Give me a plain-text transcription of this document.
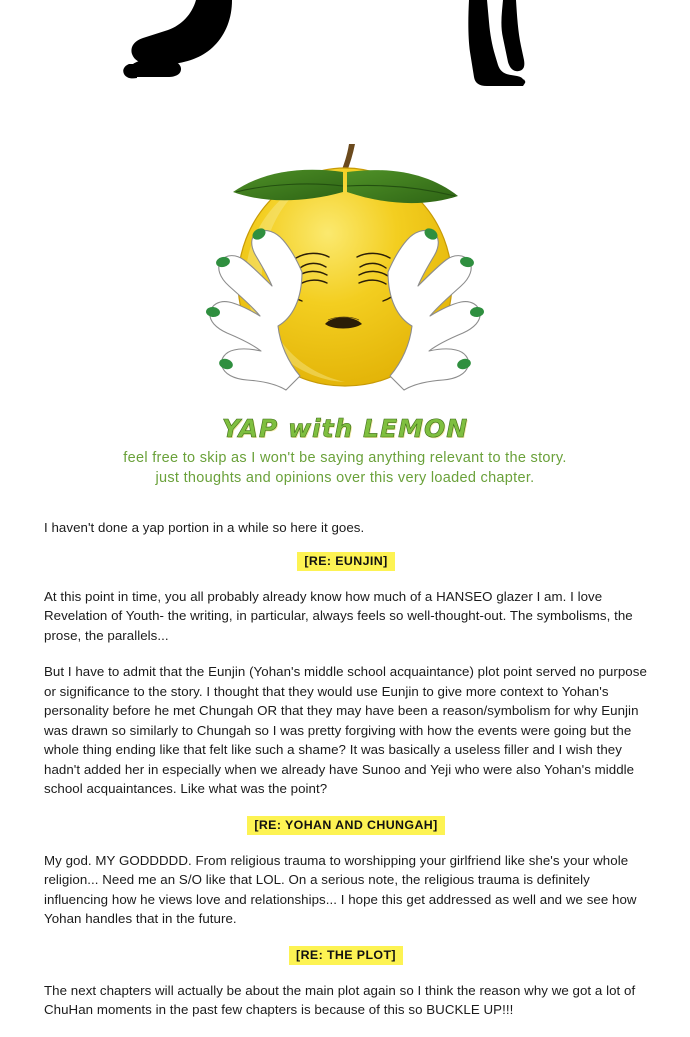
YAP with LEMON
feel free to skip as I won't be saying anything relevant to the story.
just thoughts and opinions over this very loaded chapter.

I haven't done a yap portion in a while so here it goes.

[RE: EUNJIN]

At this point in time, you all probably already know how much of a HANSEO glazer I am. I love Revelation of Youth- the writing, in particular, always feels so well-thought-out. The symbolisms, the prose, the parallels...

But I have to admit that the Eunjin (Yohan's middle school acquaintance) plot point served no purpose or significance to the story. I thought that they would use Eunjin to give more context to Yohan's personality before he met Chungah OR that they may have been a reason/symbolism for why Eunjin was drawn so similarly to Chungah so I was pretty forgiving with how the events were going but the whole thing ending like that felt like such a shame? It was basically a useless filler and I wish they hadn't added her in especially when we already have Sunoo and Yeji who were also Yohan's middle school acquaintances. Like what was the point?

[RE: YOHAN AND CHUNGAH]

My god. MY GODDDDD. From religious trauma to worshipping your girlfriend like she's your whole religion... Need me an S/O like that LOL. On a serious note, the religious trauma is definitely influencing how he views love and relationships... I hope this get addressed as well and we see how Yohan handles that in the future.

[RE: THE PLOT]

The next chapters will actually be about the main plot again so I think the reason why we got a lot of ChuHan moments in the past few chapters is because of this so BUCKLE UP!!!
